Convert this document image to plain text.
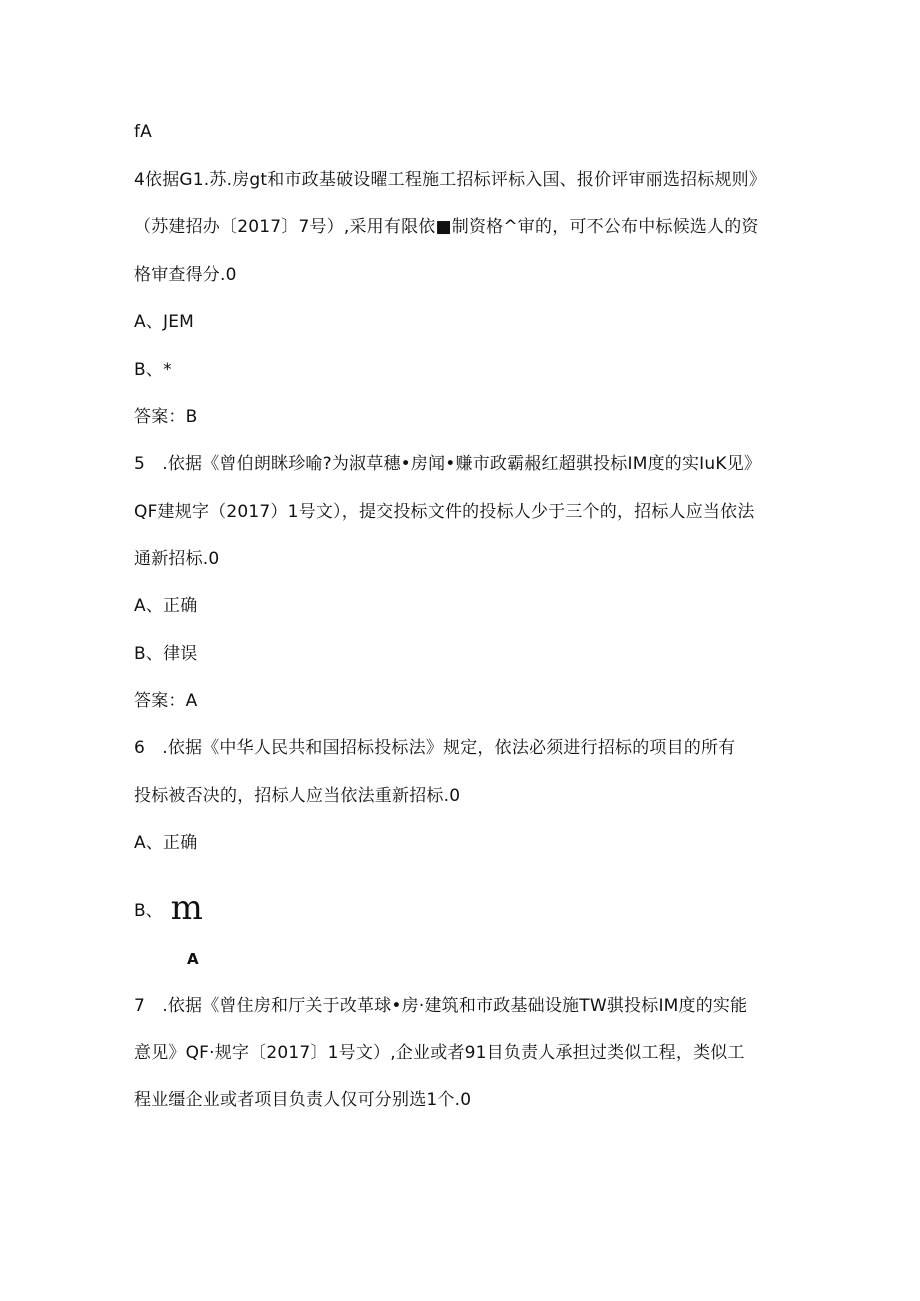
fA
4依据G1.苏.房gt和市政基破设曜工程施工招标评标入国、报价评审丽选招标规则》
（苏建招办〔2017〕7号）,采用有限依■制资格^审的，可不公布中标候选人的资
格审查得分.0
A、JEM
B、*
答案：B
5　.依据《曾伯朗眯珍喻?为淑草穗•房闻•赚市政霸赧红超骐投标IM度的实IuK见》
QF建规字（2017）1号文），提交投标文件的投标人少于三个的，招标人应当依法
通新招标.0
A、正确
B、律误
答案：A
6　.依据《中华人民共和国招标投标法》规定，依法必须进行招标的项目的所有
投标被否决的，招标人应当依法重新招标.0
A、正确
B、 m
A
7　.依据《曾住房和厅关于改革球•房·建筑和市政基础设施TW骐投标IM度的实能
意见》QF·规字〔2017〕1号文）,企业或者91目负责人承担过类似工程，类似工
程业缰企业或者项目负责人仅可分别选1个.0
